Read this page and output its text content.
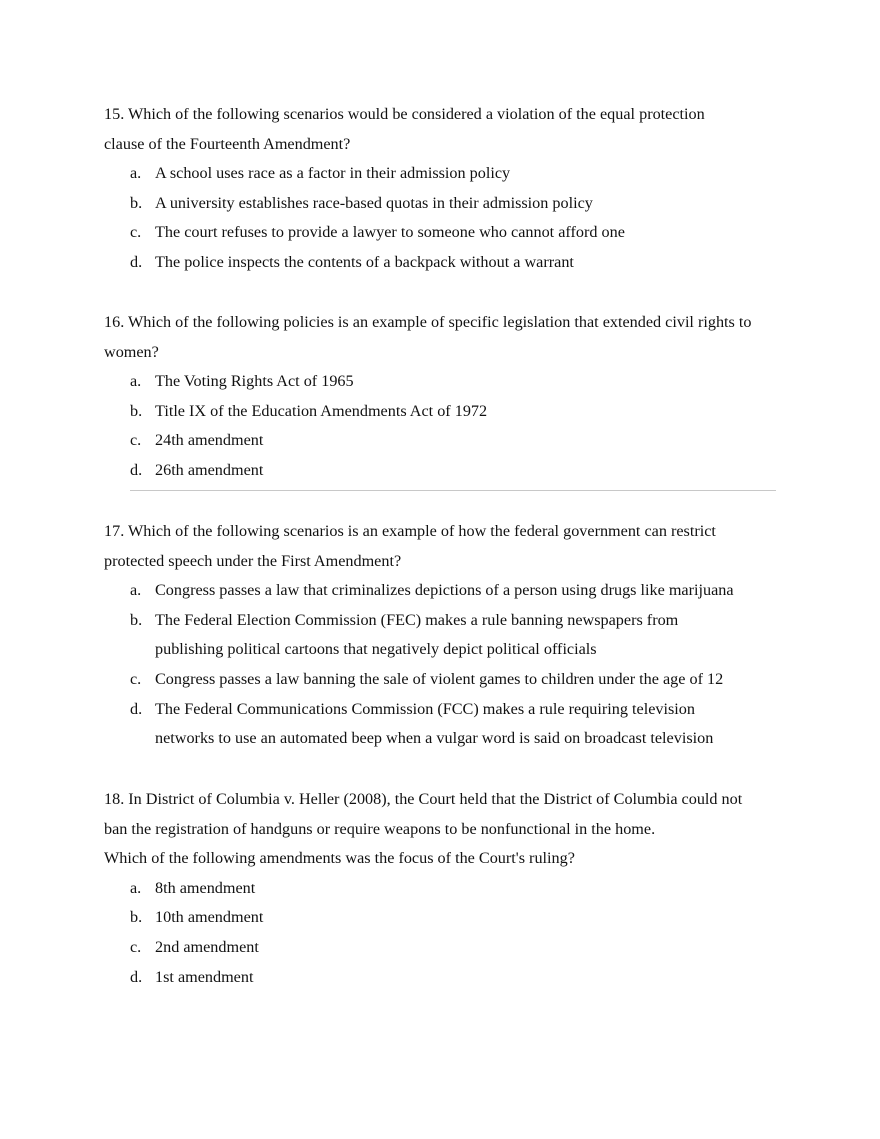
15. Which of the following scenarios would be considered a violation of the equal protection
clause of the Fourteenth Amendment?

a. A school uses race as a factor in their admission policy
b. A university establishes race-based quotas in their admission policy
c. The court refuses to provide a lawyer to someone who cannot afford one
d. The police inspects the contents of a backpack without a warrant

16. Which of the following policies is an example of specific legislation that extended civil rights to
women?

a. The Voting Rights Act of 1965
b. Title IX of the Education Amendments Act of 1972
c. 24th amendment
d. 26th amendment

17. Which of the following scenarios is an example of how the federal government can restrict
protected speech under the First Amendment?

a. Congress passes a law that criminalizes depictions of a person using drugs like marijuana
b. The Federal Election Commission (FEC) makes a rule banning newspapers from
publishing political cartoons that negatively depict political officials
c. Congress passes a law banning the sale of violent games to children under the age of 12
d. The Federal Communications Commission (FCC) makes a rule requiring television
networks to use an automated beep when a vulgar word is said on broadcast television

18. In District of Columbia v. Heller (2008), the Court held that the District of Columbia could not
ban the registration of handguns or require weapons to be nonfunctional in the home.
Which of the following amendments was the focus of the Court's ruling?

a. 8th amendment
b. 10th amendment
c. 2nd amendment
d. 1st amendment
